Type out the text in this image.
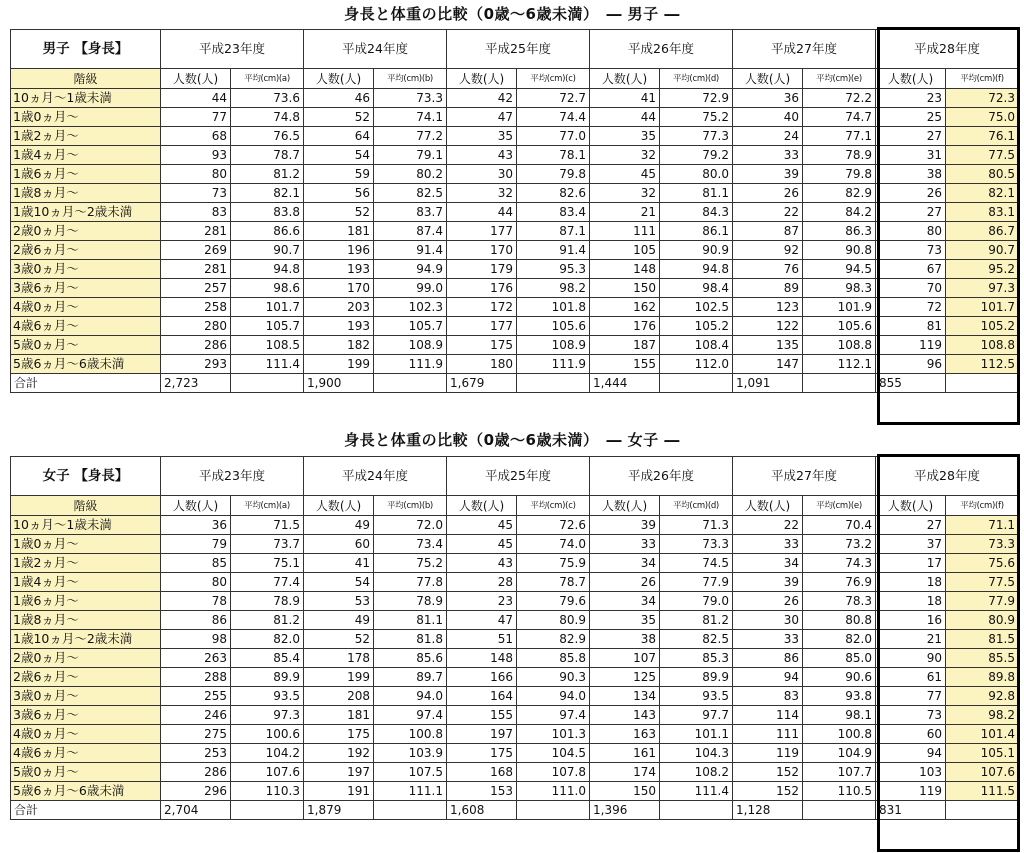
身長と体重の比較（0歳～6歳未満）　― 男子 ―
男子 【身長】	平成23年度		平成24年度		平成25年度		平成26年度		平成27年度		平成28年度	
階級	人数(人)	平均(cm)(a)	人数(人)	平均(cm)(b)	人数(人)	平均(cm)(c)	人数(人)	平均(cm)(d)	人数(人)	平均(cm)(e)	人数(人)	平均(cm)(f)
10ヵ月～1歳未満	44	73.6	46	73.3	42	72.7	41	72.9	36	72.2	23	72.3
1歳0ヵ月～	77	74.8	52	74.1	47	74.4	44	75.2	40	74.7	25	75.0
1歳2ヵ月～	68	76.5	64	77.2	35	77.0	35	77.3	24	77.1	27	76.1
1歳4ヵ月～	93	78.7	54	79.1	43	78.1	32	79.2	33	78.9	31	77.5
1歳6ヵ月～	80	81.2	59	80.2	30	79.8	45	80.0	39	79.8	38	80.5
1歳8ヵ月～	73	82.1	56	82.5	32	82.6	32	81.1	26	82.9	26	82.1
1歳10ヵ月～2歳未満	83	83.8	52	83.7	44	83.4	21	84.3	22	84.2	27	83.1
2歳0ヵ月～	281	86.6	181	87.4	177	87.1	111	86.1	87	86.3	80	86.7
2歳6ヵ月～	269	90.7	196	91.4	170	91.4	105	90.9	92	90.8	73	90.7
3歳0ヵ月～	281	94.8	193	94.9	179	95.3	148	94.8	76	94.5	67	95.2
3歳6ヵ月～	257	98.6	170	99.0	176	98.2	150	98.4	89	98.3	70	97.3
4歳0ヵ月～	258	101.7	203	102.3	172	101.8	162	102.5	123	101.9	72	101.7
4歳6ヵ月～	280	105.7	193	105.7	177	105.6	176	105.2	122	105.6	81	105.2
5歳0ヵ月～	286	108.5	182	108.9	175	108.9	187	108.4	135	108.8	119	108.8
5歳6ヵ月～6歳未満	293	111.4	199	111.9	180	111.9	155	112.0	147	112.1	96	112.5
合計	2,723		1,900		1,679		1,444		1,091		855	
身長と体重の比較（0歳～6歳未満）　― 女子 ―
女子 【身長】	平成23年度		平成24年度		平成25年度		平成26年度		平成27年度		平成28年度	
階級	人数(人)	平均(cm)(a)	人数(人)	平均(cm)(b)	人数(人)	平均(cm)(c)	人数(人)	平均(cm)(d)	人数(人)	平均(cm)(e)	人数(人)	平均(cm)(f)
10ヵ月～1歳未満	36	71.5	49	72.0	45	72.6	39	71.3	22	70.4	27	71.1
1歳0ヵ月～	79	73.7	60	73.4	45	74.0	33	73.3	33	73.2	37	73.3
1歳2ヵ月～	85	75.1	41	75.2	43	75.9	34	74.5	34	74.3	17	75.6
1歳4ヵ月～	80	77.4	54	77.8	28	78.7	26	77.9	39	76.9	18	77.5
1歳6ヵ月～	78	78.9	53	78.9	23	79.6	34	79.0	26	78.3	18	77.9
1歳8ヵ月～	86	81.2	49	81.1	47	80.9	35	81.2	30	80.8	16	80.9
1歳10ヵ月～2歳未満	98	82.0	52	81.8	51	82.9	38	82.5	33	82.0	21	81.5
2歳0ヵ月～	263	85.4	178	85.6	148	85.8	107	85.3	86	85.0	90	85.5
2歳6ヵ月～	288	89.9	199	89.7	166	90.3	125	89.9	94	90.6	61	89.8
3歳0ヵ月～	255	93.5	208	94.0	164	94.0	134	93.5	83	93.8	77	92.8
3歳6ヵ月～	246	97.3	181	97.4	155	97.4	143	97.7	114	98.1	73	98.2
4歳0ヵ月～	275	100.6	175	100.8	197	101.3	163	101.1	111	100.8	60	101.4
4歳6ヵ月～	253	104.2	192	103.9	175	104.5	161	104.3	119	104.9	94	105.1
5歳0ヵ月～	286	107.6	197	107.5	168	107.8	174	108.2	152	107.7	103	107.6
5歳6ヵ月～6歳未満	296	110.3	191	111.1	153	111.0	150	111.4	152	110.5	119	111.5
合計	2,704		1,879		1,608		1,396		1,128		831	
